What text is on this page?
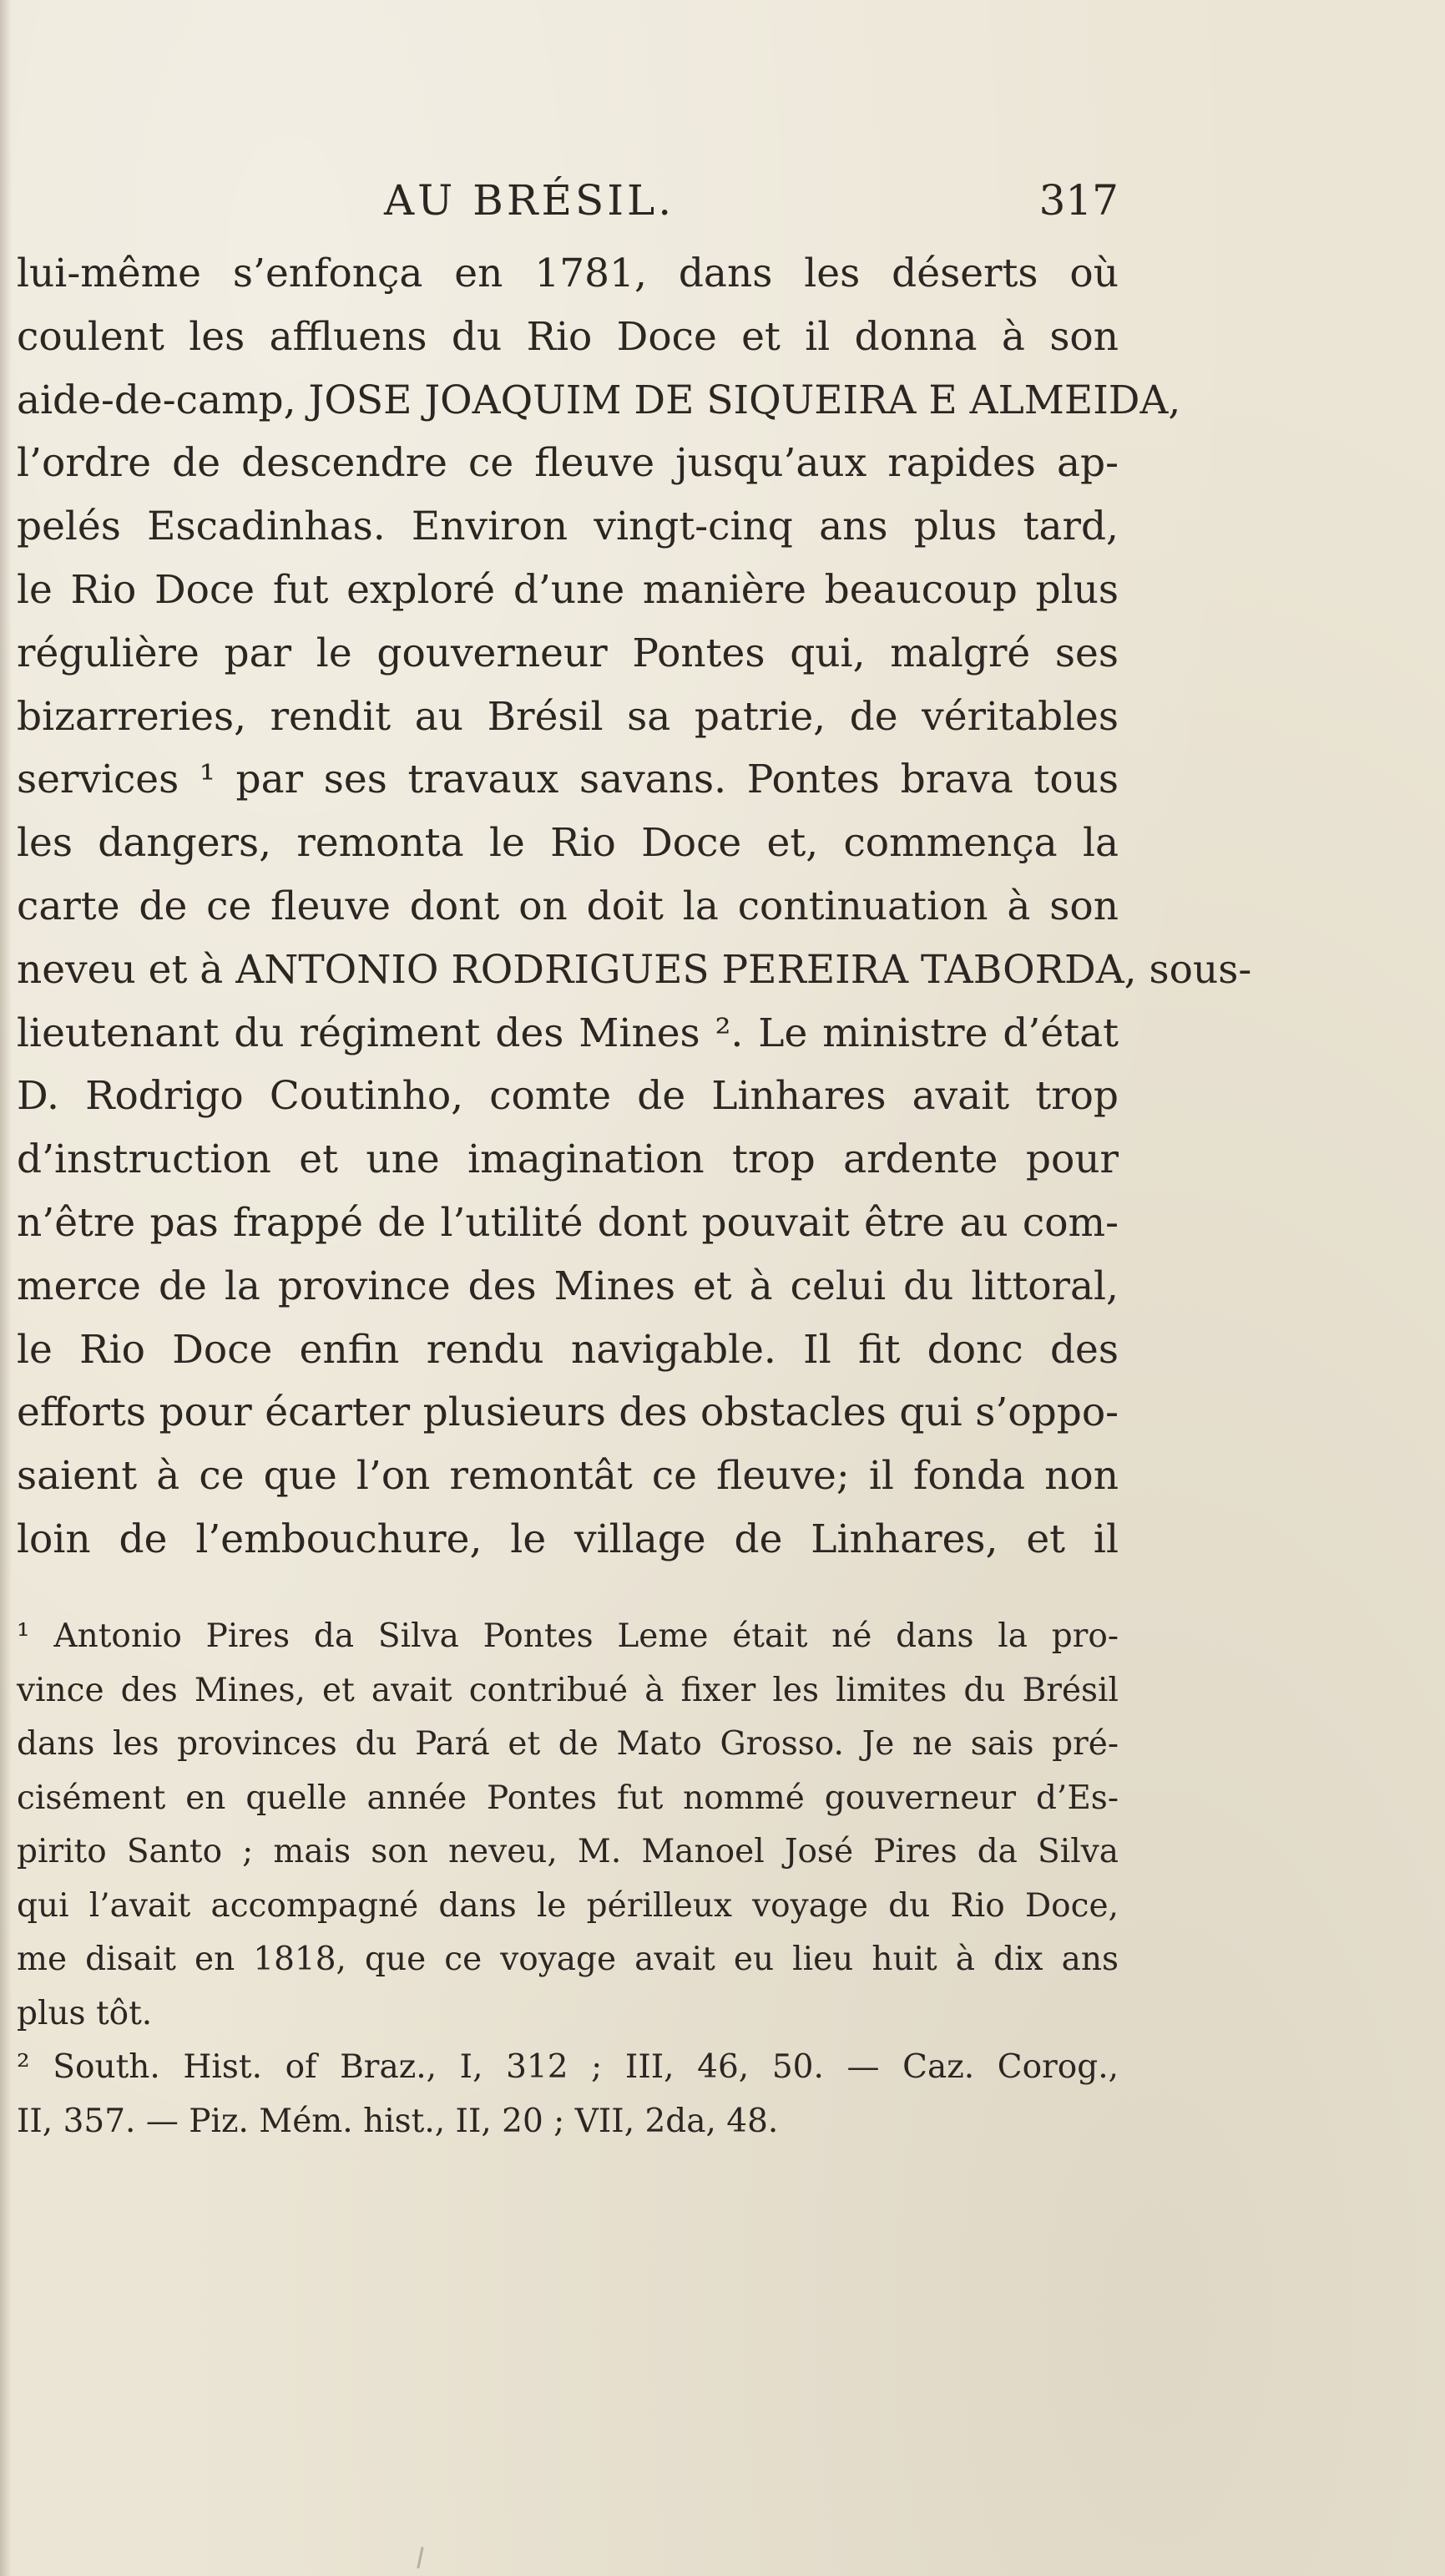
AU BRÉSIL.	317
lui-même s’enfonça en 1781, dans les déserts où
coulent les affluens du Rio Doce et il donna à son
aide-de-camp, JOSE JOAQUIM DE SIQUEIRA E ALMEIDA,
l’ordre de descendre ce fleuve jusqu’aux rapides ap-
pelés Escadinhas. Environ vingt-cinq ans plus tard,
le Rio Doce fut exploré d’une manière beaucoup plus
régulière par le gouverneur Pontes qui, malgré ses
bizarreries, rendit au Brésil sa patrie, de véritables
services ¹ par ses travaux savans. Pontes brava tous
les dangers, remonta le Rio Doce et, commença la
carte de ce fleuve dont on doit la continuation à son
neveu et à ANTONIO RODRIGUES PEREIRA TABORDA, sous-
lieutenant du régiment des Mines ². Le ministre d’état
D. Rodrigo Coutinho, comte de Linhares avait trop
d’instruction et une imagination trop ardente pour
n’être pas frappé de l’utilité dont pouvait être au com-
merce de la province des Mines et à celui du littoral,
le Rio Doce enfin rendu navigable. Il fit donc des
efforts pour écarter plusieurs des obstacles qui s’oppo-
saient à ce que l’on remontât ce fleuve; il fonda non
loin de l’embouchure, le village de Linhares, et il
¹ Antonio Pires da Silva Pontes Leme était né dans la pro-
vince des Mines, et avait contribué à fixer les limites du Brésil
dans les provinces du Pará et de Mato Grosso. Je ne sais pré-
cisément en quelle année Pontes fut nommé gouverneur d’Es-
pirito Santo ; mais son neveu, M. Manoel José Pires da Silva
qui l’avait accompagné dans le périlleux voyage du Rio Doce,
me disait en 1818, que ce voyage avait eu lieu huit à dix ans
plus tôt.
² South. Hist. of Braz., I, 312 ; III, 46, 50. — Caz. Corog.,
II, 357. — Piz. Mém. hist., II, 20 ; VII, 2da, 48.
